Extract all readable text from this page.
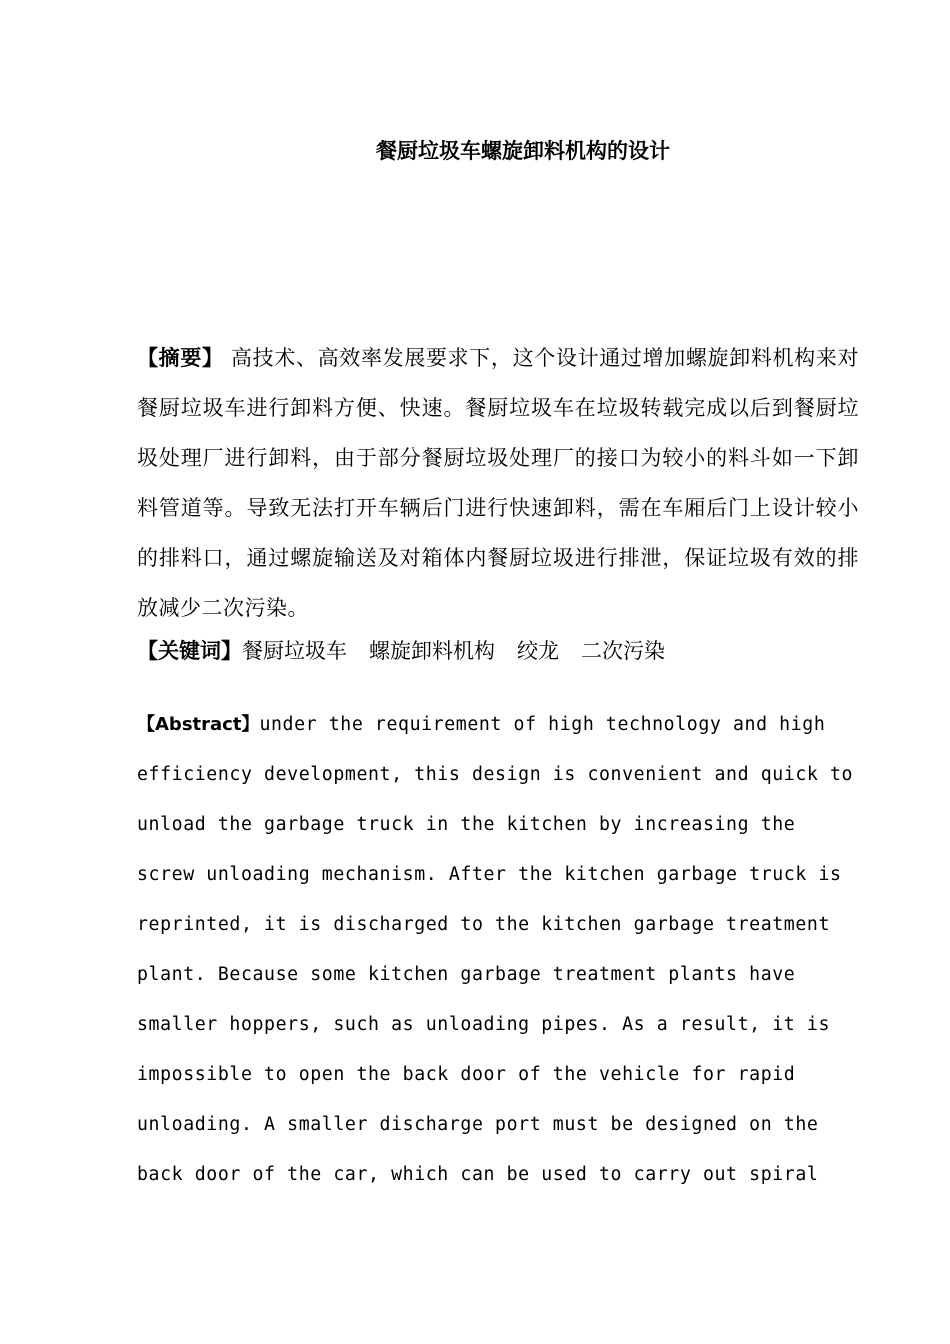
餐厨垃圾车螺旋卸料机构的设计
【摘要】 高技术、高效率发展要求下，这个设计通过增加螺旋卸料机构来对餐厨垃圾车进行卸料方便、快速。餐厨垃圾车在垃圾转载完成以后到餐厨垃圾处理厂进行卸料，由于部分餐厨垃圾处理厂的接口为较小的料斗如一下卸料管道等。导致无法打开车辆后门进行快速卸料，需在车厢后门上设计较小的排料口，通过螺旋输送及对箱体内餐厨垃圾进行排泄，保证垃圾有效的排放减少二次污染。
【关键词】餐厨垃圾车 螺旋卸料机构 绞龙 二次污染
【Abstract】under the requirement of high technology and high efficiency development, this design is convenient and quick to unload the garbage truck in the kitchen by increasing the screw unloading mechanism. After the kitchen garbage truck is reprinted, it is discharged to the kitchen garbage treatment plant. Because some kitchen garbage treatment plants have smaller hoppers, such as unloading pipes. As a result, it is impossible to open the back door of the vehicle for rapid unloading. A smaller discharge port must be designed on the back door of the car, which can be used to carry out spiral
